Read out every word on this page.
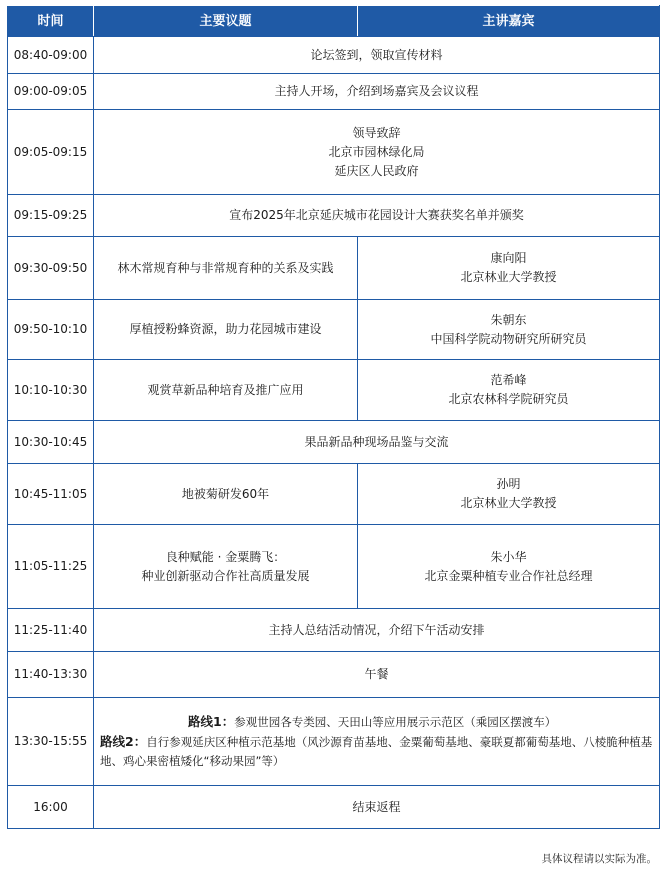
时间	主要议题	主讲嘉宾
08:40-09:00	论坛签到，领取宣传材料	
09:00-09:05	主持人开场，介绍到场嘉宾及会议议程	
09:05-09:15	领导致辞
北京市园林绿化局
延庆区人民政府	

09:15-09:25	宣布2025年北京延庆城市花园设计大赛获奖名单并颁奖	
09:30-09:50	林木常规育种与非常规育种的关系及实践	康向阳
北京林业大学教授

09:50-10:10	厚植授粉蜂资源，助力花园城市建设	朱朝东
中国科学院动物研究所研究员

10:10-10:30	观赏草新品种培育及推广应用	范希峰
北京农林科学院研究员

10:30-10:45	果品新品种现场品鉴与交流	
10:45-11:05	地被菊研发60年	孙明
北京林业大学教授

11:05-11:25	良种赋能 · 金粟腾飞：
种业创新驱动合作社高质量发展	朱小华
北京金粟种植专业合作社总经理

11:25-11:40	主持人总结活动情况，介绍下午活动安排	
11:40-13:30	午餐	
13:30-15:55	路线1：参观世园各专类园、天田山等应用展示示范区（乘园区摆渡车）
路线2：自行参观延庆区种植示范基地（风沙源育苗基地、金粟葡萄基地、豪联夏都葡萄基地、八棱脆种植基地、鸡心果密植矮化“移动果园”等）	

16:00	结束返程	
具体议程请以实际为准。
